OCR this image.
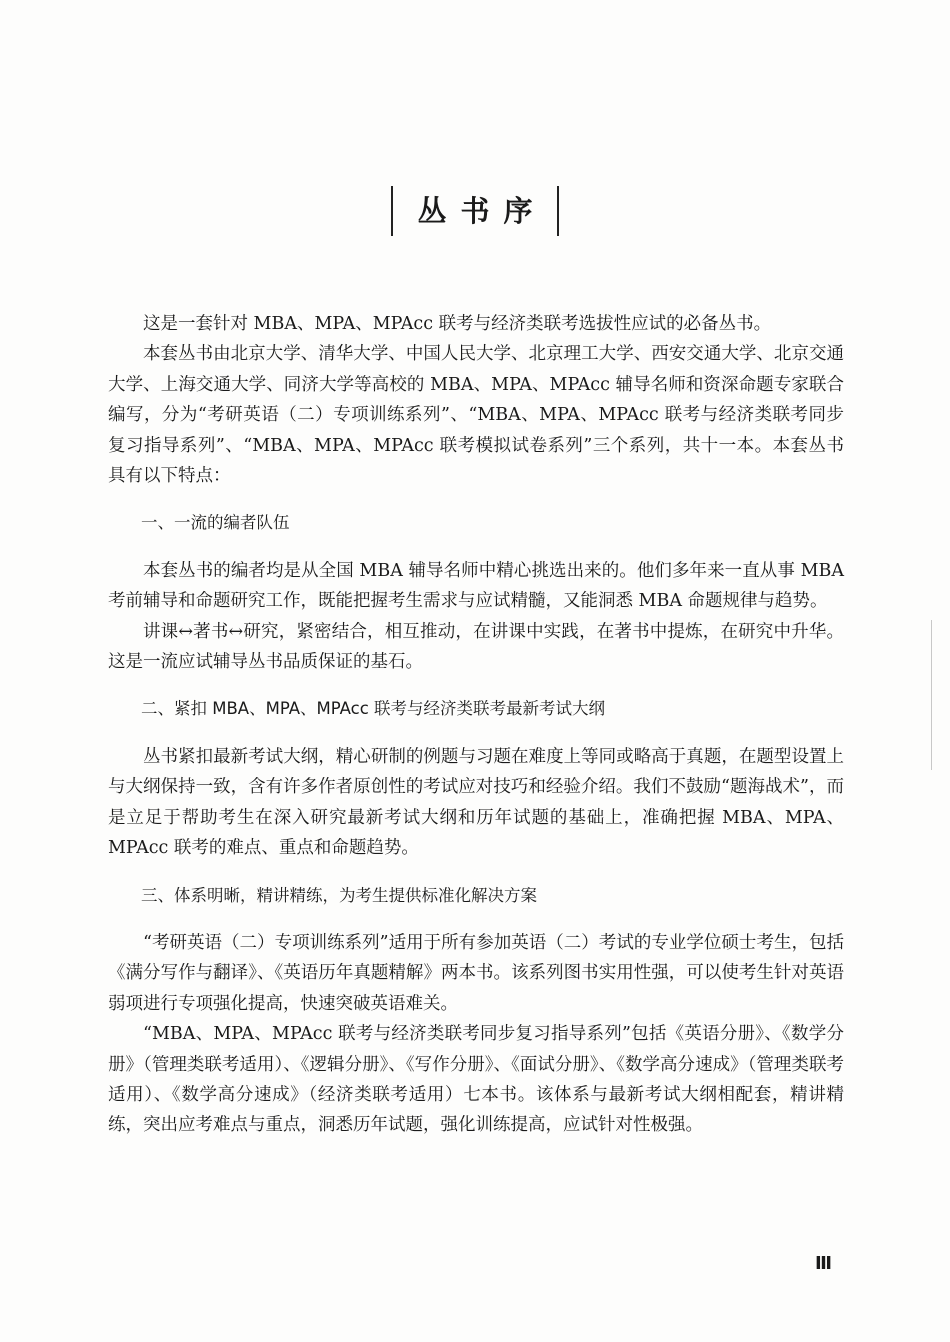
丛书序

这是一套针对 MBA、MPA、MPAcc 联考与经济类联考选拔性应试的必备丛书。

本套丛书由北京大学、清华大学、中国人民大学、北京理工大学、西安交通大学、北京交通大学、上海交通大学、同济大学等高校的 MBA、MPA、MPAcc 辅导名师和资深命题专家联合编写，分为“考研英语（二）专项训练系列”、“MBA、MPA、MPAcc 联考与经济类联考同步复习指导系列”、“MBA、MPA、MPAcc 联考模拟试卷系列”三个系列，共十一本。本套丛书具有以下特点：

一、一流的编者队伍

本套丛书的编者均是从全国 MBA 辅导名师中精心挑选出来的。他们多年来一直从事 MBA 考前辅导和命题研究工作，既能把握考生需求与应试精髓，又能洞悉 MBA 命题规律与趋势。

讲课↔著书↔研究，紧密结合，相互推动，在讲课中实践，在著书中提炼，在研究中升华。这是一流应试辅导丛书品质保证的基石。

二、紧扣 MBA、MPA、MPAcc 联考与经济类联考最新考试大纲

丛书紧扣最新考试大纲，精心研制的例题与习题在难度上等同或略高于真题，在题型设置上与大纲保持一致，含有许多作者原创性的考试应对技巧和经验介绍。我们不鼓励“题海战术”，而是立足于帮助考生在深入研究最新考试大纲和历年试题的基础上，准确把握 MBA、MPA、MPAcc 联考的难点、重点和命题趋势。

三、体系明晰，精讲精练，为考生提供标准化解决方案

“考研英语（二）专项训练系列”适用于所有参加英语（二）考试的专业学位硕士考生，包括《满分写作与翻译》、《英语历年真题精解》两本书。该系列图书实用性强，可以使考生针对英语弱项进行专项强化提高，快速突破英语难关。

“MBA、MPA、MPAcc 联考与经济类联考同步复习指导系列”包括《英语分册》、《数学分册》（管理类联考适用）、《逻辑分册》、《写作分册》、《面试分册》、《数学高分速成》（管理类联考适用）、《数学高分速成》（经济类联考适用）七本书。该体系与最新考试大纲相配套，精讲精练，突出应考难点与重点，洞悉历年试题，强化训练提高，应试针对性极强。

Ⅲ
